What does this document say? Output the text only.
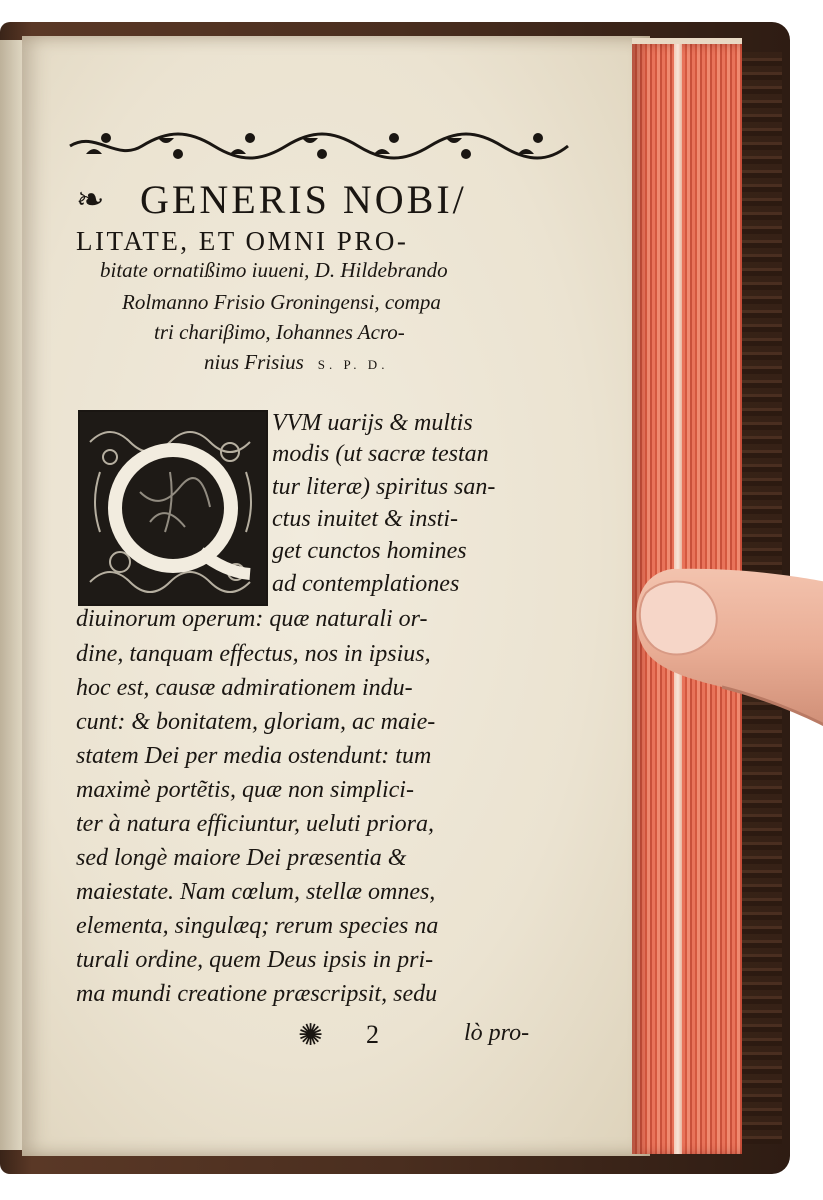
❧ GENERIS NOBI/
LITATE, ET OMNI PRO-
bitate ornatißimo iuueni, D. Hildebrando
Rolmanno Frisio Groningensi, compa
tri chariβimo, Iohannes Acro-
nius Frisius S. P. D.
Q
VVM uarijs & multis
modis (ut sacræ testan
tur literæ) spiritus san-
ctus inuitet & insti-
get cunctos homines
ad contemplationes
diuinorum operum: quæ naturali or-
dine, tanquam effectus, nos in ipsius,
hoc est, causæ admirationem indu-
cunt: & bonitatem, gloriam, ac maie-
statem Dei per media ostendunt: tum
maximè portẽtis, quæ non simplici-
ter à natura efficiuntur, ueluti priora,
sed longè maiore Dei præsentia &
maiestate. Nam cœlum, stellæ omnes,
elementa, singulæq; rerum species na
turali ordine, quem Deus ipsis in pri-
ma mundi creatione præscripsit, sedu
✺ 2	lò pro-
